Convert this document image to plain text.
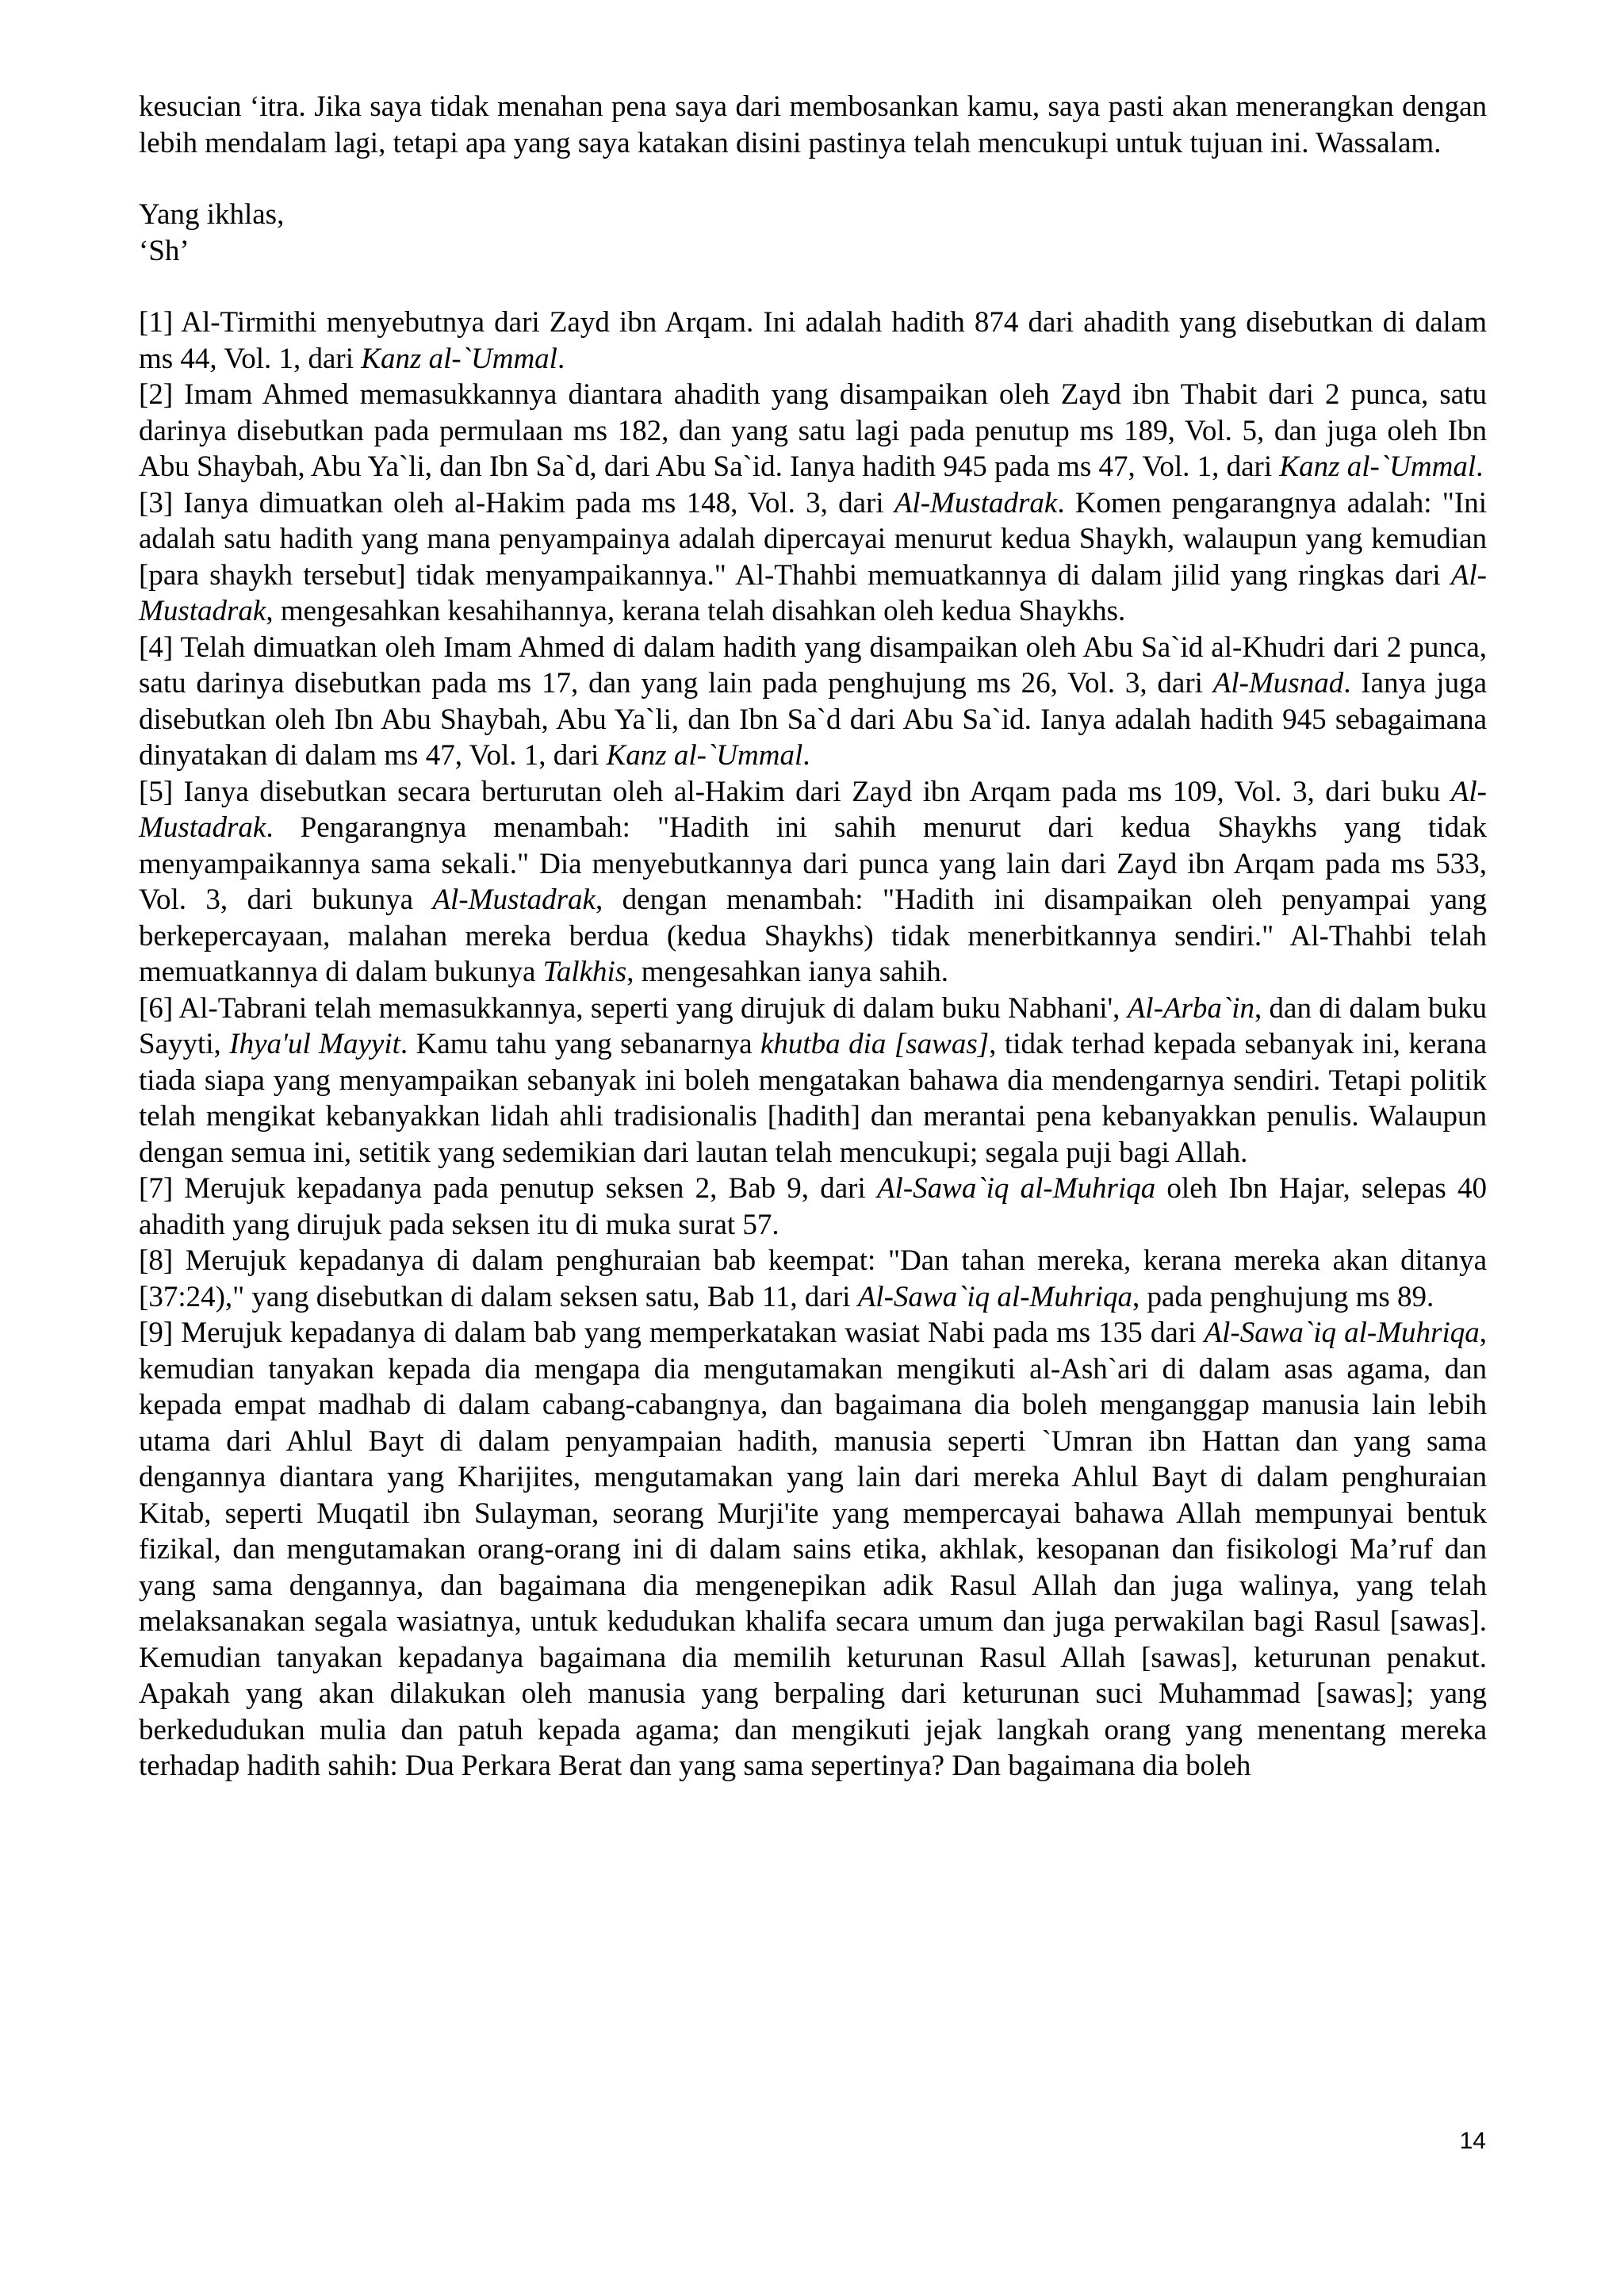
kesucian ‘itra. Jika saya tidak menahan pena saya dari membosankan kamu, saya pasti akan menerangkan dengan lebih mendalam lagi, tetapi apa yang saya katakan disini pastinya telah mencukupi untuk tujuan ini. Wassalam.

Yang ikhlas,

‘Sh’

[1] Al-Tirmithi menyebutnya dari Zayd ibn Arqam. Ini adalah hadith 874 dari ahadith yang disebutkan di dalam ms 44, Vol. 1, dari Kanz al-`Ummal.

[2] Imam Ahmed memasukkannya diantara ahadith yang disampaikan oleh Zayd ibn Thabit dari 2 punca, satu darinya disebutkan pada permulaan ms 182, dan yang satu lagi pada penutup ms 189, Vol. 5, dan juga oleh Ibn Abu Shaybah, Abu Ya`li, dan Ibn Sa`d, dari Abu Sa`id. Ianya hadith 945 pada ms 47, Vol. 1, dari Kanz al-`Ummal.

[3] Ianya dimuatkan oleh al-Hakim pada ms 148, Vol. 3, dari Al-Mustadrak. Komen pengarangnya adalah: "Ini adalah satu hadith yang mana penyampainya adalah dipercayai menurut kedua Shaykh, walaupun yang kemudian [para shaykh tersebut] tidak menyampaikannya." Al-Thahbi memuatkannya di dalam jilid yang ringkas dari Al-Mustadrak, mengesahkan kesahihannya, kerana telah disahkan oleh kedua Shaykhs.

[4] Telah dimuatkan oleh Imam Ahmed di dalam hadith yang disampaikan oleh Abu Sa`id al-Khudri dari 2 punca, satu darinya disebutkan pada ms 17, dan yang lain pada penghujung ms 26, Vol. 3, dari Al-Musnad. Ianya juga disebutkan oleh Ibn Abu Shaybah, Abu Ya`li, dan Ibn Sa`d dari Abu Sa`id. Ianya adalah hadith 945 sebagaimana dinyatakan di dalam ms 47, Vol. 1, dari Kanz al-`Ummal.

[5] Ianya disebutkan secara berturutan oleh al-Hakim dari Zayd ibn Arqam pada ms 109, Vol. 3, dari buku Al-Mustadrak. Pengarangnya menambah: "Hadith ini sahih menurut dari kedua Shaykhs yang tidak menyampaikannya sama sekali." Dia menyebutkannya dari punca yang lain dari Zayd ibn Arqam pada ms 533, Vol. 3, dari bukunya Al-Mustadrak, dengan menambah: "Hadith ini disampaikan oleh penyampai yang berkepercayaan, malahan mereka berdua (kedua Shaykhs) tidak menerbitkannya sendiri." Al-Thahbi telah memuatkannya di dalam bukunya Talkhis, mengesahkan ianya sahih.

[6] Al-Tabrani telah memasukkannya, seperti yang dirujuk di dalam buku Nabhani', Al-Arba`in, dan di dalam buku Sayyti, Ihya'ul Mayyit. Kamu tahu yang sebanarnya khutba dia [sawas], tidak terhad kepada sebanyak ini, kerana tiada siapa yang menyampaikan sebanyak ini boleh mengatakan bahawa dia mendengarnya sendiri. Tetapi politik telah mengikat kebanyakkan lidah ahli tradisionalis [hadith] dan merantai pena kebanyakkan penulis. Walaupun dengan semua ini, setitik yang sedemikian dari lautan telah mencukupi; segala puji bagi Allah.

[7] Merujuk kepadanya pada penutup seksen 2, Bab 9, dari Al-Sawa`iq al-Muhriqa oleh Ibn Hajar, selepas 40 ahadith yang dirujuk pada seksen itu di muka surat 57.

[8] Merujuk kepadanya di dalam penghuraian bab keempat: "Dan tahan mereka, kerana mereka akan ditanya [37:24)," yang disebutkan di dalam seksen satu, Bab 11, dari Al-Sawa`iq al-Muhriqa, pada penghujung ms 89.

[9] Merujuk kepadanya di dalam bab yang memperkatakan wasiat Nabi pada ms 135 dari Al-Sawa`iq al-Muhriqa, kemudian tanyakan kepada dia mengapa dia mengutamakan mengikuti al-Ash`ari di dalam asas agama, dan kepada empat madhab di dalam cabang-cabangnya, dan bagaimana dia boleh menganggap manusia lain lebih utama dari Ahlul Bayt di dalam penyampaian hadith, manusia seperti `Umran ibn Hattan dan yang sama dengannya diantara yang Kharijites, mengutamakan yang lain dari mereka Ahlul Bayt di dalam penghuraian Kitab, seperti Muqatil ibn Sulayman, seorang Murji'ite yang mempercayai bahawa Allah mempunyai bentuk fizikal, dan mengutamakan orang-orang ini di dalam sains etika, akhlak, kesopanan dan fisikologi Ma’ruf dan yang sama dengannya, dan bagaimana dia mengenepikan adik Rasul Allah dan juga walinya, yang telah melaksanakan segala wasiatnya, untuk kedudukan khalifa secara umum dan juga perwakilan bagi Rasul [sawas]. Kemudian tanyakan kepadanya bagaimana dia memilih keturunan Rasul Allah [sawas], keturunan penakut. Apakah yang akan dilakukan oleh manusia yang berpaling dari keturunan suci Muhammad [sawas]; yang berkedudukan mulia dan patuh kepada agama; dan mengikuti jejak langkah orang yang menentang mereka terhadap hadith sahih: Dua Perkara Berat dan yang sama sepertinya? Dan bagaimana dia boleh

14
